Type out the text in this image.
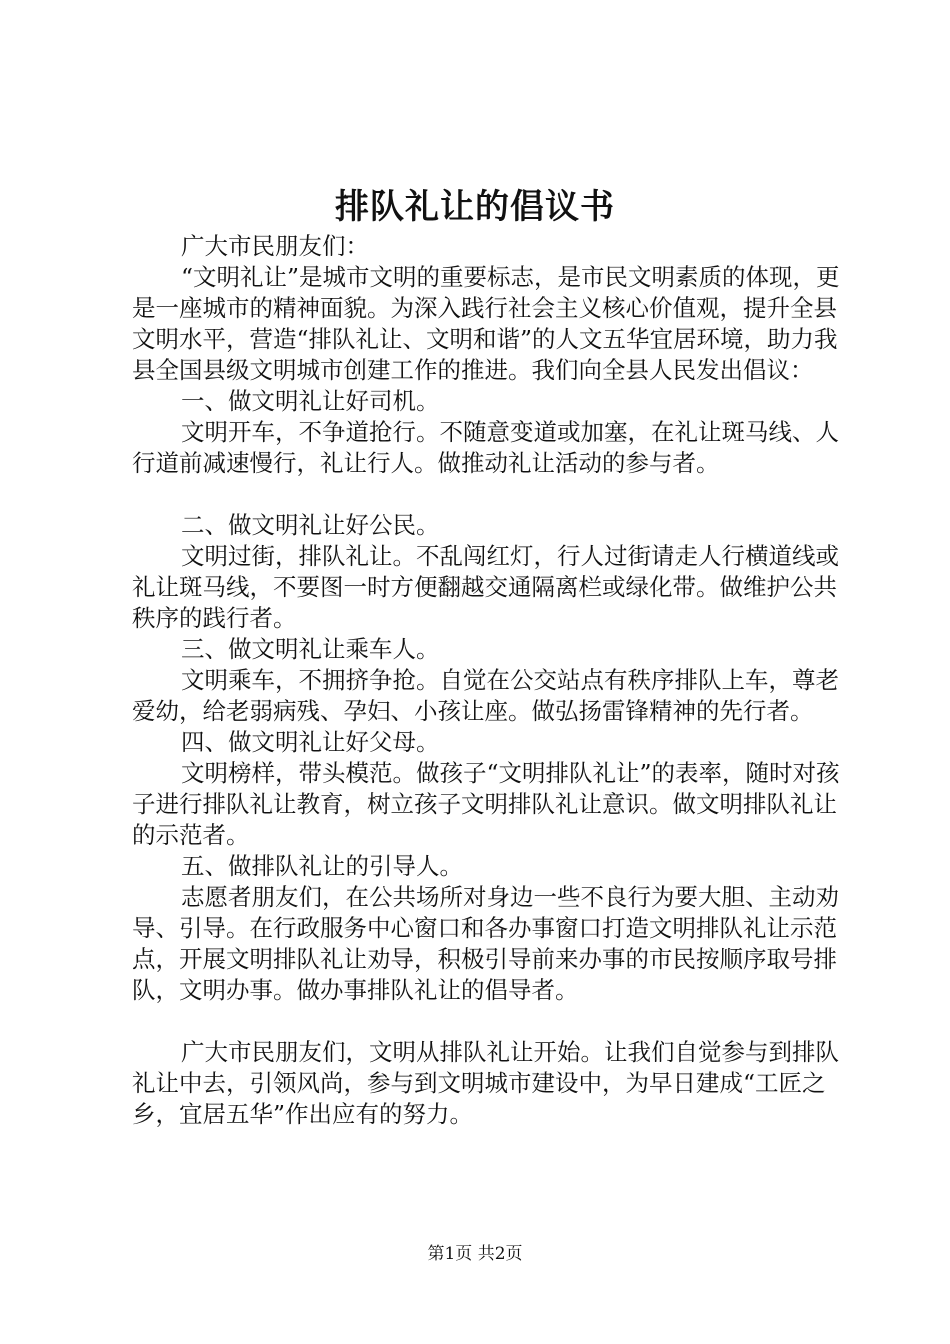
排队礼让的倡议书

广大市民朋友们：

“文明礼让”是城市文明的重要标志，是市民文明素质的体现，更是一座城市的精神面貌。为深入践行社会主义核心价值观，提升全县文明水平，营造“排队礼让、文明和谐”的人文五华宜居环境，助力我县全国县级文明城市创建工作的推进。我们向全县人民发出倡议：

一、做文明礼让好司机。

文明开车，不争道抢行。不随意变道或加塞，在礼让斑马线、人行道前减速慢行，礼让行人。做推动礼让活动的参与者。

二、做文明礼让好公民。

文明过街，排队礼让。不乱闯红灯，行人过街请走人行横道线或礼让斑马线，不要图一时方便翻越交通隔离栏或绿化带。做维护公共秩序的践行者。

三、做文明礼让乘车人。

文明乘车，不拥挤争抢。自觉在公交站点有秩序排队上车，尊老爱幼，给老弱病残、孕妇、小孩让座。做弘扬雷锋精神的先行者。

四、做文明礼让好父母。

文明榜样，带头模范。做孩子“文明排队礼让”的表率，随时对孩子进行排队礼让教育，树立孩子文明排队礼让意识。做文明排队礼让的示范者。

五、做排队礼让的引导人。

志愿者朋友们，在公共场所对身边一些不良行为要大胆、主动劝导、引导。在行政服务中心窗口和各办事窗口打造文明排队礼让示范点，开展文明排队礼让劝导，积极引导前来办事的市民按顺序取号排队，文明办事。做办事排队礼让的倡导者。

广大市民朋友们，文明从排队礼让开始。让我们自觉参与到排队礼让中去，引领风尚，参与到文明城市建设中，为早日建成“工匠之乡，宜居五华”作出应有的努力。

第1页 共2页
